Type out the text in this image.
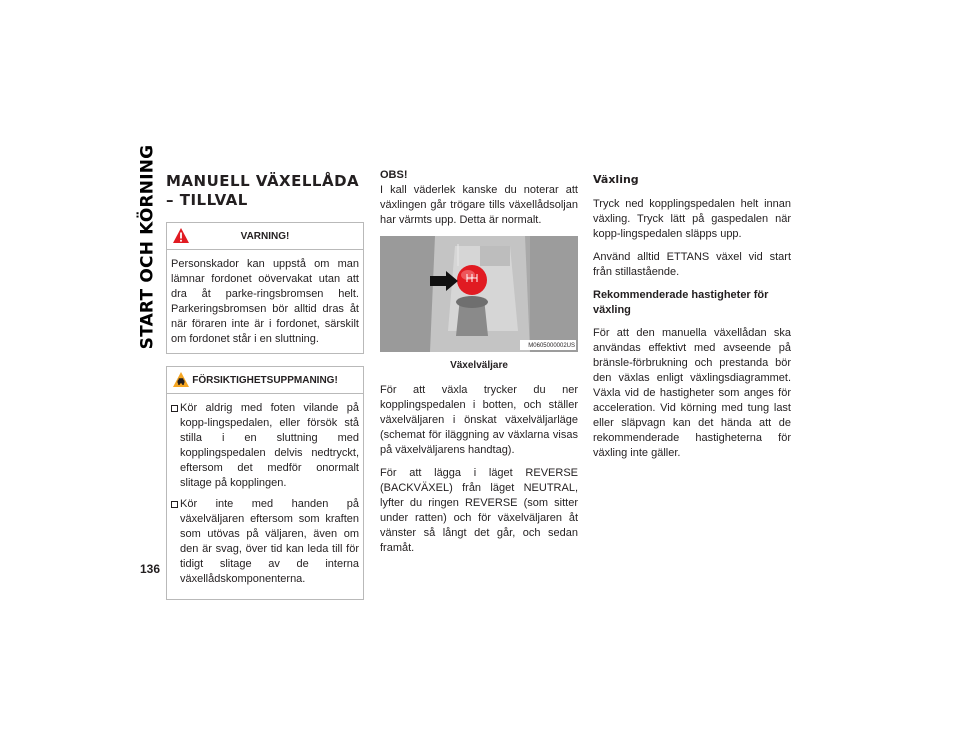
START OCH KÖRNING
136
MANUELL VÄXELLÅDA – TILLVAL
VARNING!
Personskador kan uppstå om man lämnar fordonet oövervakat utan att dra åt parke-ringsbromsen helt. Parkeringsbromsen bör alltid dras åt när föraren inte är i fordonet, särskilt om fordonet står i en sluttning.
FÖRSIKTIGHETSUPPMANING!
Kör aldrig med foten vilande på kopp-lingspedalen, eller försök stå stilla i en sluttning med kopplingspedalen delvis nedtryckt, eftersom det medför onormalt slitage på kopplingen.
Kör inte med handen på växelväljaren eftersom som kraften som utövas på väljaren, även om den är svag, över tid kan leda till för tidigt slitage av de interna växellådskomponenterna.
OBS!

I kall väderlek kanske du noterar att växlingen går trögare tills växellådsoljan har värmts upp. Detta är normalt.

M0605000002US
Växelväljare

För att växla trycker du ner kopplingspedalen i botten, och ställer växelväljaren i önskat växelväljarläge (schemat för iläggning av växlarna visas på växelväljarens handtag).

För att lägga i läget REVERSE (BACKVÄXEL) från läget NEUTRAL, lyfter du ringen REVERSE (som sitter under ratten) och för växelväljaren åt vänster så långt det går, och sedan framåt.

Växling

Tryck ned kopplingspedalen helt innan växling. Tryck lätt på gaspedalen när kopp-lingspedalen släpps upp.

Använd alltid ETTANS växel vid start från stillastående.

Rekommenderade hastigheter för växling

För att den manuella växellådan ska användas effektivt med avseende på bränsle-förbrukning och prestanda bör den växlas enligt växlingsdiagrammet. Växla vid de hastigheter som anges för acceleration. Vid körning med tung last eller släpvagn kan det hända att de rekommenderade hastigheterna för växling inte gäller.
